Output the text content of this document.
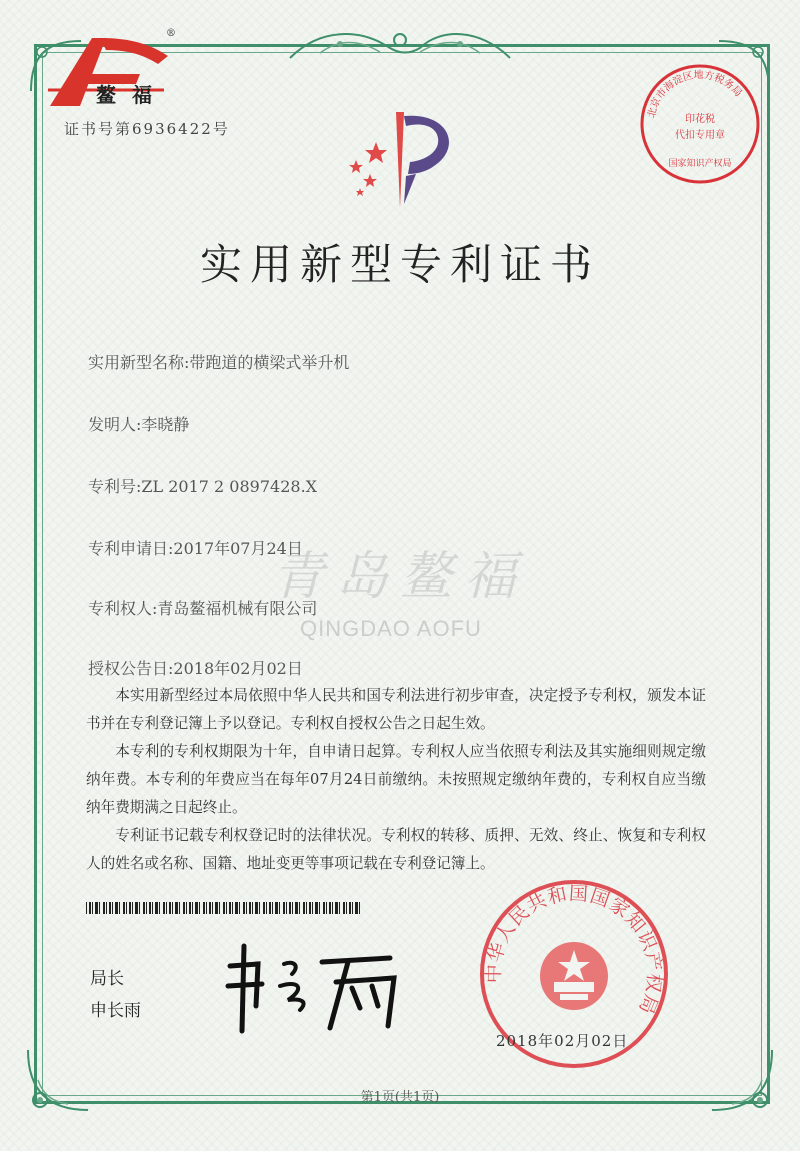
®
鳌福
证书号第6936422号
北京市海淀区地方税务局
印花税
代扣专用章
国家知识产权局
实用新型专利证书
实用新型名称:带跑道的横梁式举升机
发明人:李晓静
专利号:ZL 2017 2 0897428.X
专利申请日:2017年07月24日
专利权人:青岛鳌福机械有限公司
授权公告日:2018年02月02日
青岛鳌福
QINGDAO AOFU

本实用新型经过本局依照中华人民共和国专利法进行初步审查，决定授予专利权，颁发本证书并在专利登记簿上予以登记。专利权自授权公告之日起生效。

本专利的专利权期限为十年，自申请日起算。专利权人应当依照专利法及其实施细则规定缴纳年费。本专利的年费应当在每年07月24日前缴纳。未按照规定缴纳年费的，专利权自应当缴纳年费期满之日起终止。

专利证书记载专利权登记时的法律状况。专利权的转移、质押、无效、终止、恢复和专利权人的姓名或名称、国籍、地址变更等事项记载在专利登记簿上。

局长
申长雨
中华人民共和国国家知识产权局
2018年02月02日
第1页(共1页)
